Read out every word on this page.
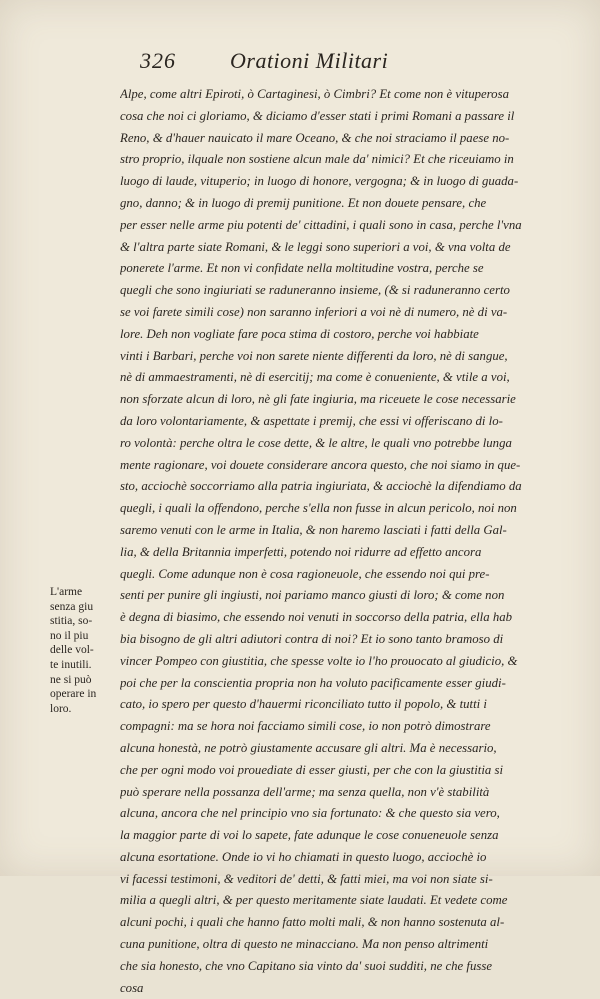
326 Orationi Militari
Alpe, come altri Epiroti, ò Cartaginesi, ò Cimbri? Et come non è vituperosa
cosa che noi ci gloriamo, & diciamo d'esser stati i primi Romani a passare il
Reno, & d'hauer nauicato il mare Oceano, & che noi straciamo il paese no-
stro proprio, ilquale non sostiene alcun male da' nimici? Et che riceuiamo in
luogo di laude, vituperio; in luogo di honore, vergogna; & in luogo di guada-
gno, danno; & in luogo di premij punitione. Et non douete pensare, che
per esser nelle arme piu potenti de' cittadini, i quali sono in casa, perche l'vna
& l'altra parte siate Romani, & le leggi sono superiori a voi, & vna volta de
ponerete l'arme. Et non vi confidate nella moltitudine vostra, perche se
quegli che sono ingiuriati se raduneranno insieme, (& si raduneranno certo
se voi farete simili cose) non saranno inferiori a voi nè di numero, nè di va-
lore. Deh non vogliate fare poca stima di costoro, perche voi habbiate
vinti i Barbari, perche voi non sarete niente differenti da loro, nè di sangue,
nè di ammaestramenti, nè di esercitij; ma come è conueniente, & vtile a voi,
non sforzate alcun di loro, nè gli fate ingiuria, ma riceuete le cose necessarie
da loro volontariamente, & aspettate i premij, che essi vi offeriscano di lo-
ro volontà: perche oltra le cose dette, & le altre, le quali vno potrebbe lunga
mente ragionare, voi douete considerare ancora questo, che noi siamo in que-
sto, acciochè soccorriamo alla patria ingiuriata, & acciochè la difendiamo da
quegli, i quali la offendono, perche s'ella non fusse in alcun pericolo, noi non
saremo venuti con le arme in Italia, & non haremo lasciati i fatti della Gal-
lia, & della Britannia imperfetti, potendo noi ridurre ad effetto ancora
quegli. Come adunque non è cosa ragioneuole, che essendo noi qui pre-
senti per punire gli ingiusti, noi pariamo manco giusti di loro; & come non
è degna di biasimo, che essendo noi venuti in soccorso della patria, ella hab
bia bisogno de gli altri adiutori contra di noi? Et io sono tanto bramoso di
vincer Pompeo con giustitia, che spesse volte io l'ho prouocato al giudicio, &
poi che per la conscientia propria non ha voluto pacificamente esser giudi-
cato, io spero per questo d'hauermi riconciliato tutto il popolo, & tutti i
compagni: ma se hora noi facciamo simili cose, io non potrò dimostrare
alcuna honestà, ne potrò giustamente accusare gli altri. Ma è necessario,
che per ogni modo voi prouediate di esser giusti, per che con la giustitia si
può sperare nella possanza dell'arme; ma senza quella, non v'è stabilità
alcuna, ancora che nel principio vno sia fortunato: & che questo sia vero,
la maggior parte di voi lo sapete, fate adunque le cose conueneuole senza
alcuna esortatione. Onde io vi ho chiamati in questo luogo, acciochè io
vi facessi testimoni, & veditori de' detti, & fatti miei, ma voi non siate si-
milia a quegli altri, & per questo meritamente siate laudati. Et vedete come
alcuni pochi, i quali che hanno fatto molti mali, & non hanno sostenuta al-
cuna punitione, oltra di questo ne minacciano. Ma non penso altrimenti
che sia honesto, che vno Capitano sia vinto da' suoi sudditi, ne che fusse
cosa
L'arme
senza giu
stitia, so-
no il piu
delle vol-
te inutili.
ne si può
operare in
loro.
